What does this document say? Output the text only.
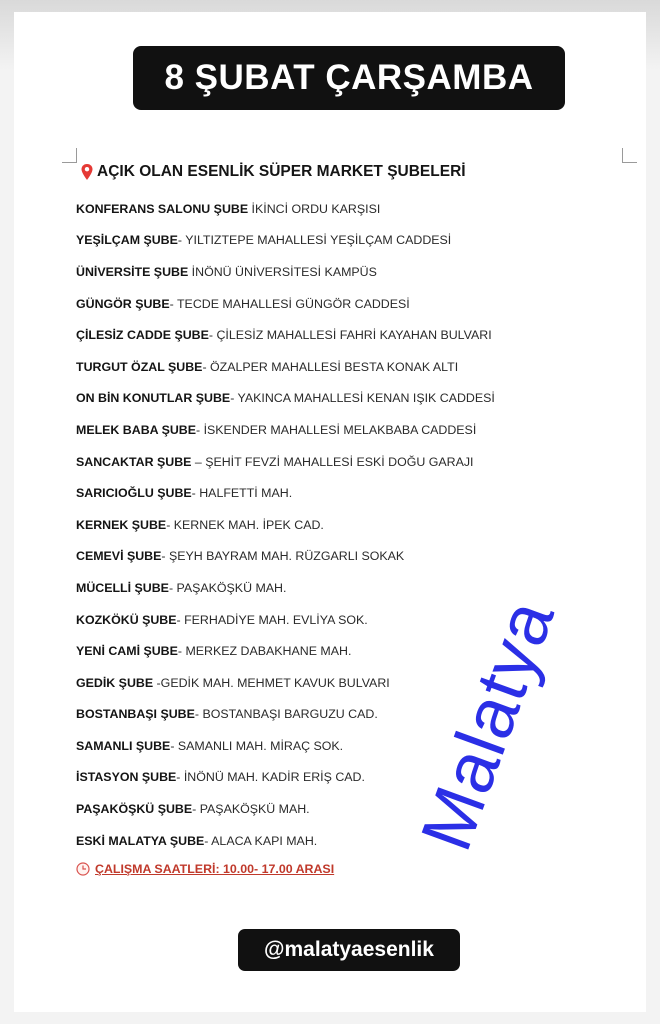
8 ŞUBAT ÇARŞAMBA
AÇIK OLAN ESENLİK SÜPER MARKET ŞUBELERİ
KONFERANS SALONU ŞUBE İKİNCİ ORDU KARŞISI
YEŞİLÇAM ŞUBE - YILTIZTEPE MAHALLESİ YEŞİLÇAM CADDESİ
ÜNİVERSİTE ŞUBE İNÖNÜ ÜNİVERSİTESİ KAMPÜS
GÜNGÖR ŞUBE - TECDE MAHALLESİ GÜNGÖR CADDESİ
ÇİLESİZ CADDE ŞUBE - ÇİLESİZ MAHALLESİ FAHRİ KAYAHAN BULVARI
TURGUT ÖZAL ŞUBE - ÖZALPER MAHALLESİ BESTA KONAK ALTI
ON BİN KONUTLAR ŞUBE - YAKINCA MAHALLESİ KENAN IŞIK CADDESİ
MELEK BABA ŞUBE - İSKENDER MAHALLESİ MELAKBABA CADDESİ
SANCAKTAR ŞUBE – ŞEHİT FEVZİ MAHALLESİ ESKİ DOĞU GARAJI
SARICIOĞLU ŞUBE - HALFETTİ MAH.
KERNEK ŞUBE - KERNEK MAH. İPEK CAD.
CEMEVİ ŞUBE - ŞEYH BAYRAM MAH. RÜZGARLI SOKAK
MÜCELLİ ŞUBE - PAŞAKÖŞKÜ MAH.
KOZKÖKÜ ŞUBE - FERHADİYE MAH. EVLİYA SOK.
YENİ CAMİ ŞUBE - MERKEZ DABAKHANE MAH.
GEDİK ŞUBE -GEDİK MAH. MEHMET KAVUK BULVARI
BOSTANBAŞI ŞUBE - BOSTANBAŞI BARGUZU CAD.
SAMANLI ŞUBE - SAMANLI MAH. MİRAÇ SOK.
İSTASYON ŞUBE - İNÖNÜ MAH. KADİR ERİŞ CAD.
PAŞAKÖŞKÜ ŞUBE - PAŞAKÖŞKÜ MAH.
ESKİ MALATYA ŞUBE - ALACA KAPI MAH.
ÇALIŞMA SAATLERİ: 10.00- 17.00 ARASI
Malatya
@malatyaesenlik
